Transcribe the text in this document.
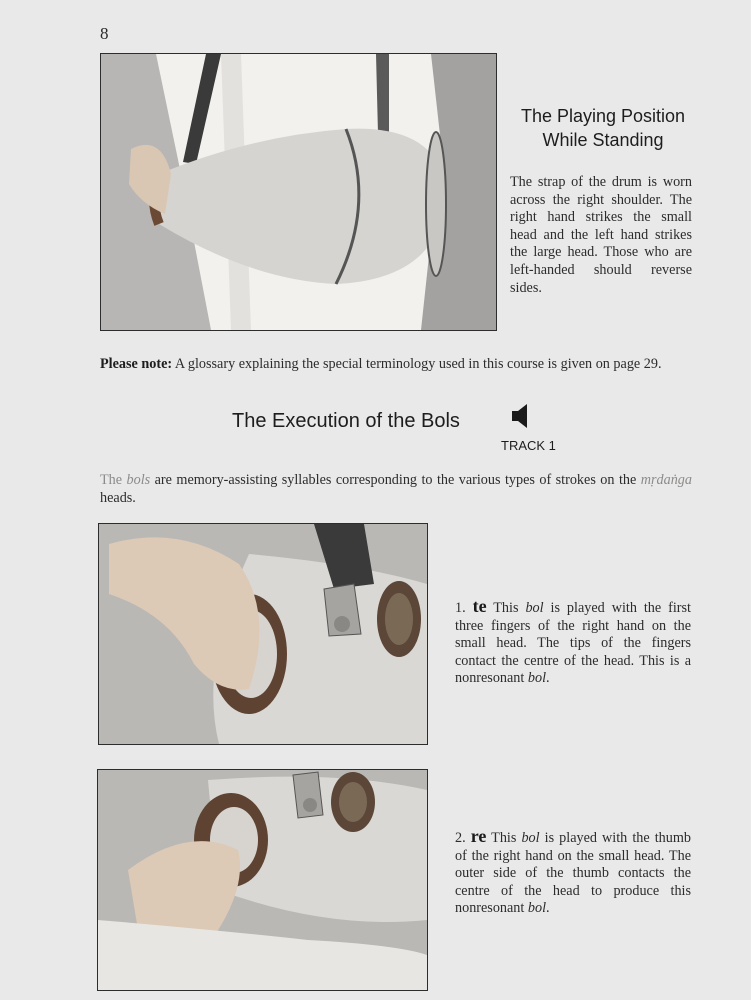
8
The Playing Position
While Standing
The strap of the drum is worn across the right shoulder. The right hand strikes the small head and the left hand strikes the large head. Those who are left-handed should reverse sides.
Please note: A glossary explaining the special terminology used in this course is given on page 29.
The Execution of the Bols
TRACK 1
The bols are memory-assisting syllables corresponding to the various types of strokes on the mṛdaṅga heads.
1. te This bol is played with the first three fingers of the right hand on the small head. The tips of the fingers contact the centre of the head. This is a nonresonant bol.
2. re This bol is played with the thumb of the right hand on the small head. The outer side of the thumb contacts the centre of the head to produce this nonresonant bol.
